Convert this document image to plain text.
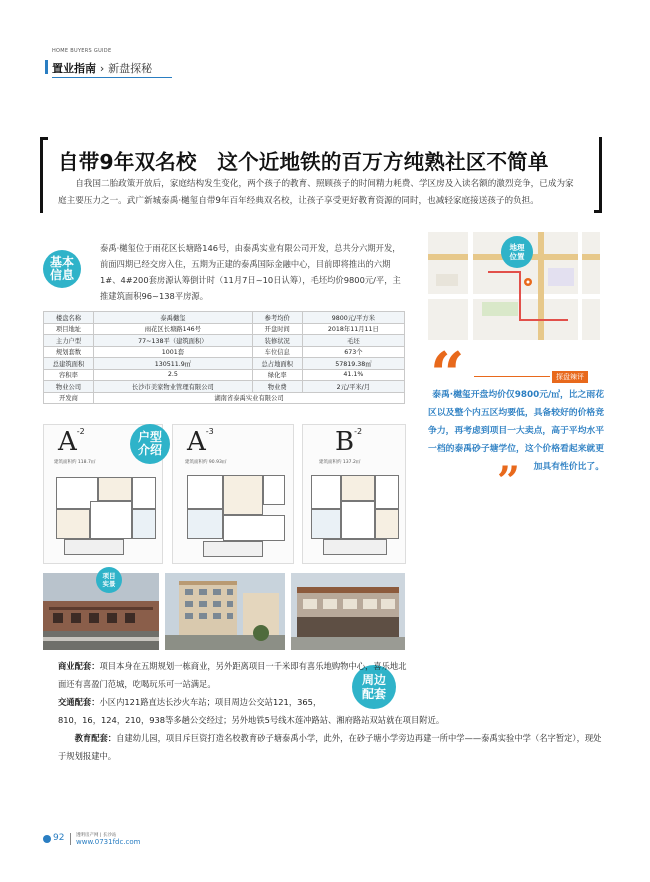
HOME BUYERS GUIDE
置业指南 › 新盘探秘
自带9年双名校　这个近地铁的百万方纯熟社区不简单
自我国二胎政策开放后，家庭结构发生变化，两个孩子的教育、照顾孩子的时间精力耗费、学区房及入读名额的激烈竞争，已成为家庭主要压力之一。武广新城泰禹·樾玺自带9年百年经典双名校，让孩子享受更好教育资源的同时，也减轻家庭接送孩子的负担。
基本
信息
泰禹·樾玺位于雨花区长塘路146号，由泰禹实业有限公司开发，总共分六期开发，前面四期已经交房入住，五期为正建的泰禹国际金融中心，目前即将推出的六期1#、4#200套房源认筹倒计时（11月7日~10日认筹），毛坯均价9800元/平，主推建筑面积96~138平房源。
楼盘名称	泰禹樾玺	参考均价	9800元/平方米
项目地址	雨花区长塘路146号	开盘时间	2018年11月11日
主力户型	77~138平（建筑面积）	装修状况	毛坯
规划套数	1001套	车位信息	673个
总建筑面积	130511.9㎡	总占地面积	57819.38㎡
容积率	2.5	绿化率	41.1%
物业公司	长沙市美家物业管理有限公司	物业费	2元/平米/月
开发商	湖南省泰禹实业有限公司		
$A^{-2}$
建筑面积约 118.7㎡
户型
介绍 $A^{-3}$
建筑面积约 90.93㎡
$B^{-2}$
建筑面积约 137.2㎡
项目
实景
地理
位置
“	探盘辣评
泰禹·樾玺开盘均价仅9800元/㎡，比之雨花区以及整个内五区均要低，具备较好的价格竞争力，再考虑到项目一大卖点，高于平均水平一档的泰禹砂子塘学位，这个价格看起来就更加具有性价比了。
”
周边
配套

商业配套：项目本身在五期规划一栋商业，另外距离项目一千米即有喜乐地购物中心，喜乐地北面还有喜盈门范城，吃喝玩乐可一站满足。

交通配套：小区内121路直达长沙火车站；项目周边公交站121，365，

810，16，124，210，938等多趟公交经过；另外地铁5号线木莲冲路站、湘府路站双站就在项目附近。

教育配套：自建幼儿园，项目斥巨资打造名校教育砂子塘泰禹小学，此外，在砂子塘小学旁边再建一所中学——泰禹实验中学（名字暂定），现处于规划报建中。

92	透明房产网 | 长沙站
www.0731fdc.com
